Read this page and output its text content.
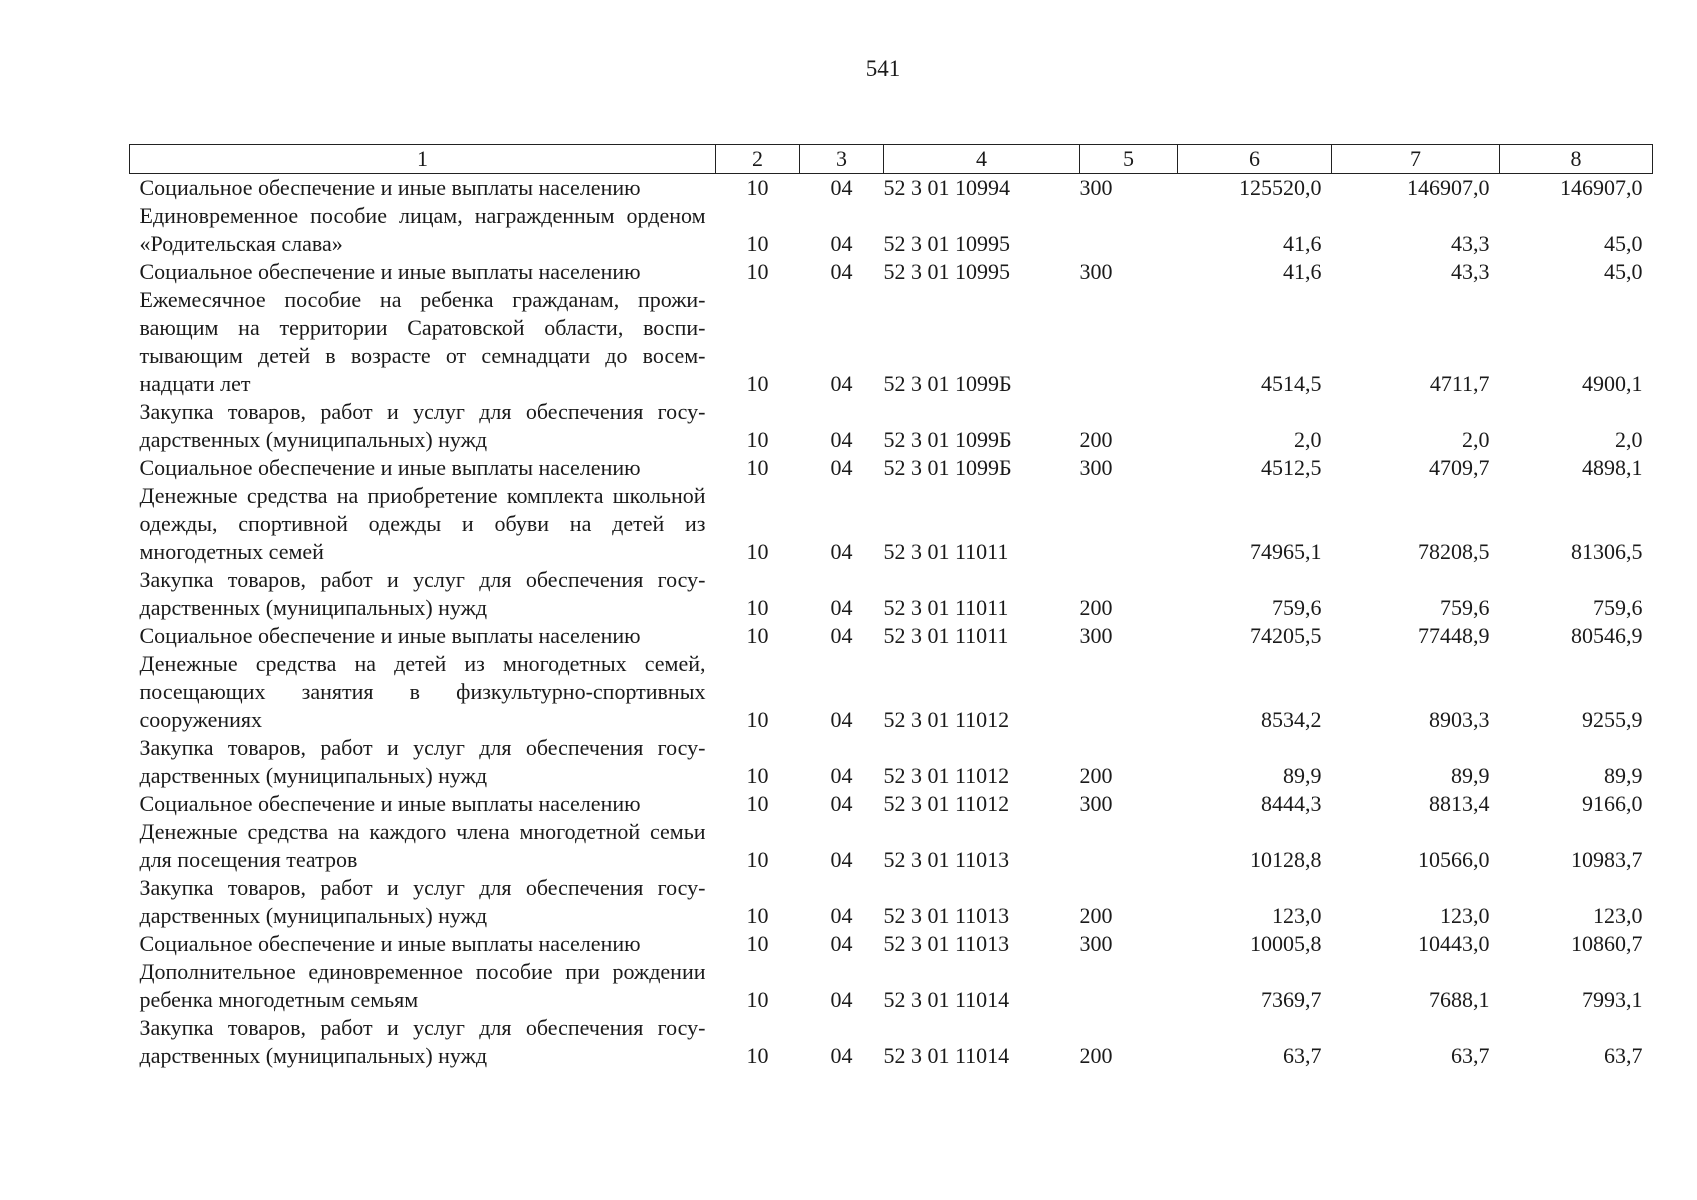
541
1	2	3	4	5	6	7	8
Социальное обеспечение и иные выплаты населению	10	04	52 3 01 10994	300	125520,0	146907,0	146907,0
Единовременное пособие лицам, награжденным орденом «Родительская слава»	10	04	52 3 01 10995		41,6	43,3	45,0
Социальное обеспечение и иные выплаты населению	10	04	52 3 01 10995	300	41,6	43,3	45,0
Ежемесячное пособие на ребенка гражданам, проживающим на территории Саратовской области, воспитывающим детей в возрасте от семнадцати до восемнадцати лет	10	04	52 3 01 1099Б		4514,5	4711,7	4900,1
Закупка товаров, работ и услуг для обеспечения государственных (муниципальных) нужд	10	04	52 3 01 1099Б	200	2,0	2,0	2,0
Социальное обеспечение и иные выплаты населению	10	04	52 3 01 1099Б	300	4512,5	4709,7	4898,1
Денежные средства на приобретение комплекта школьной одежды, спортивной одежды и обуви на детей из многодетных семей	10	04	52 3 01 11011		74965,1	78208,5	81306,5
Закупка товаров, работ и услуг для обеспечения государственных (муниципальных) нужд	10	04	52 3 01 11011	200	759,6	759,6	759,6
Социальное обеспечение и иные выплаты населению	10	04	52 3 01 11011	300	74205,5	77448,9	80546,9
Денежные средства на детей из многодетных семей, посещающих занятия в физкультурно-спортивных сооружениях	10	04	52 3 01 11012		8534,2	8903,3	9255,9
Закупка товаров, работ и услуг для обеспечения государственных (муниципальных) нужд	10	04	52 3 01 11012	200	89,9	89,9	89,9
Социальное обеспечение и иные выплаты населению	10	04	52 3 01 11012	300	8444,3	8813,4	9166,0
Денежные средства на каждого члена многодетной семьи для посещения театров	10	04	52 3 01 11013		10128,8	10566,0	10983,7
Закупка товаров, работ и услуг для обеспечения государственных (муниципальных) нужд	10	04	52 3 01 11013	200	123,0	123,0	123,0
Социальное обеспечение и иные выплаты населению	10	04	52 3 01 11013	300	10005,8	10443,0	10860,7
Дополнительное единовременное пособие при рождении ребенка многодетным семьям	10	04	52 3 01 11014		7369,7	7688,1	7993,1
Закупка товаров, работ и услуг для обеспечения государственных (муниципальных) нужд	10	04	52 3 01 11014	200	63,7	63,7	63,7
